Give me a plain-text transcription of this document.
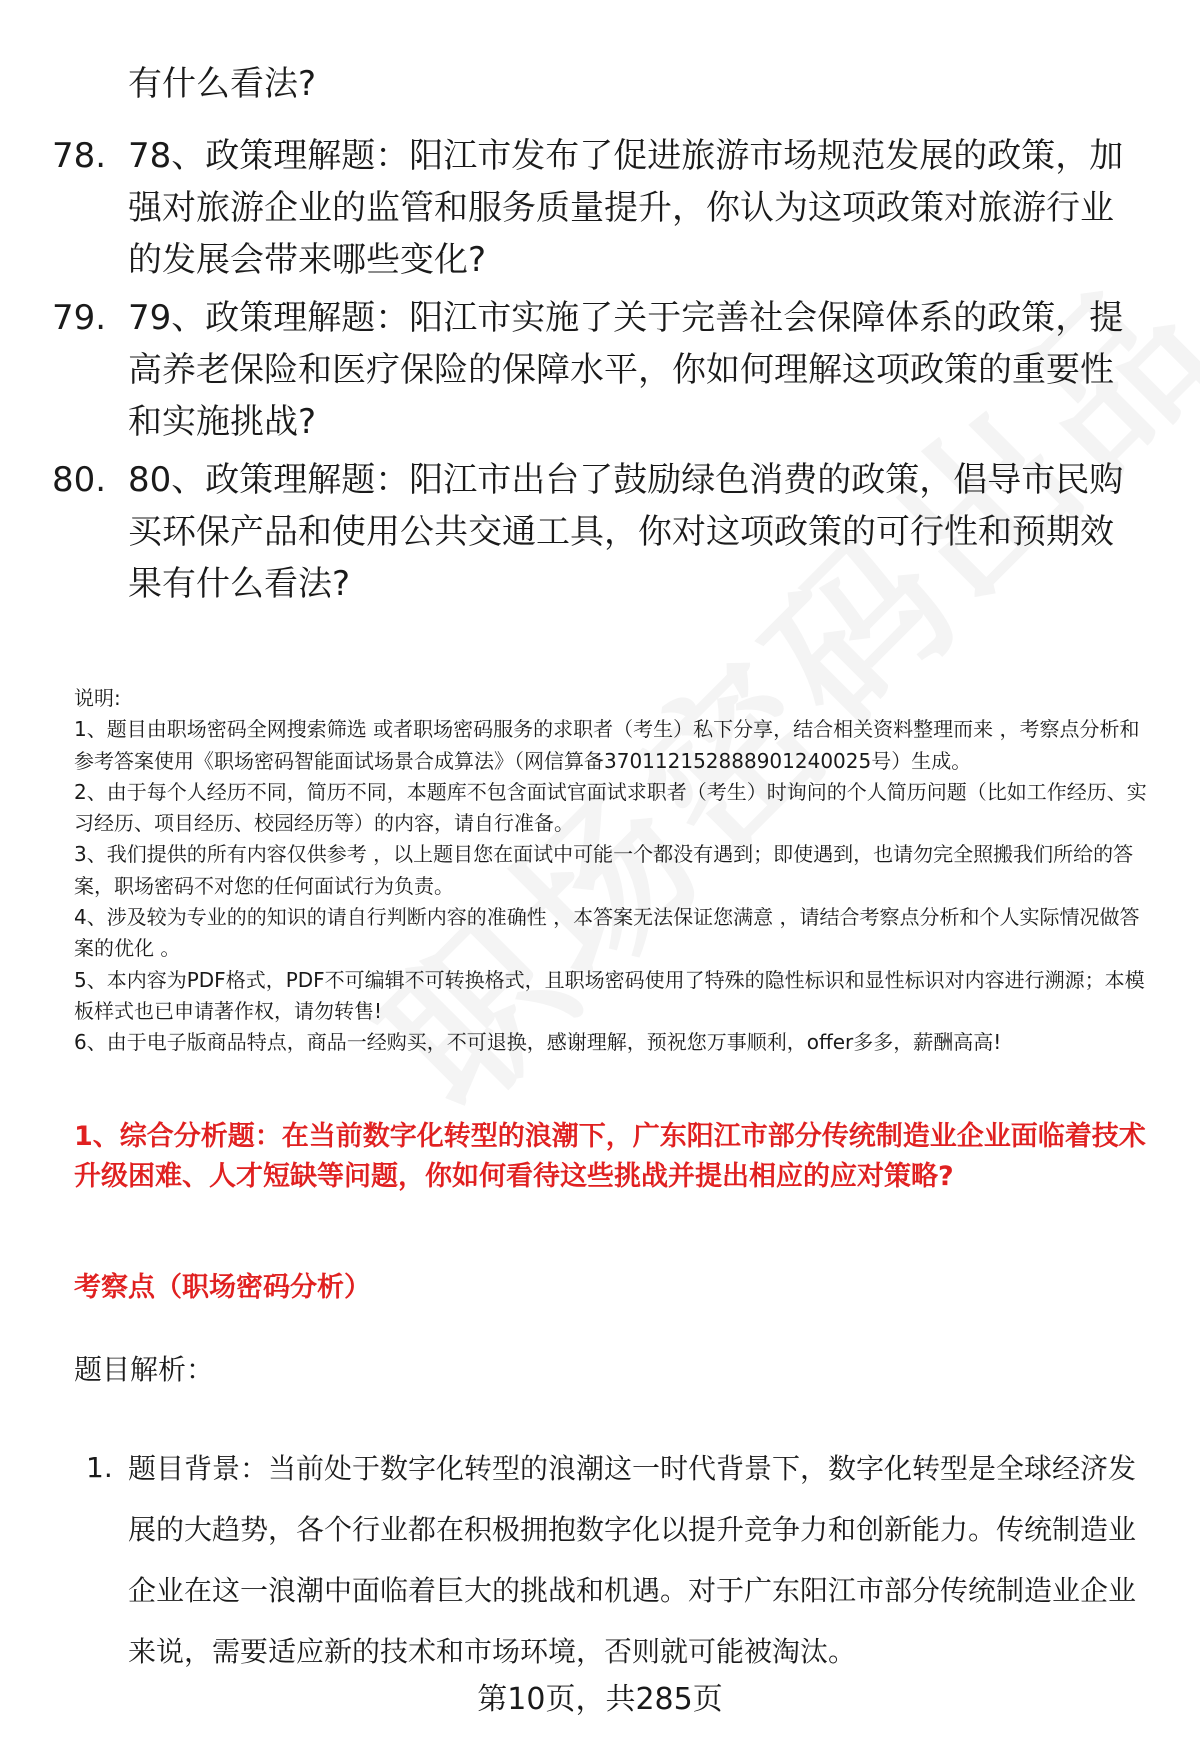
有什么看法?
78. 78、政策理解题：阳江市发布了促进旅游市场规范发展的政策，加强对旅游企业的监管和服务质量提升，你认为这项政策对旅游行业的发展会带来哪些变化?
79. 79、政策理解题：阳江市实施了关于完善社会保障体系的政策，提高养老保险和医疗保险的保障水平，你如何理解这项政策的重要性和实施挑战?
80. 80、政策理解题：阳江市出台了鼓励绿色消费的政策，倡导市民购买环保产品和使用公共交通工具，你对这项政策的可行性和预期效果有什么看法?
说明:
1、题目由职场密码全网搜索筛选 或者职场密码服务的求职者（考生）私下分享，结合相关资料整理而来 ，考察点分析和参考答案使用《职场密码智能面试场景合成算法》（网信算备370112152888901240025号）生成。
2、由于每个人经历不同，简历不同，本题库不包含面试官面试求职者（考生）时询问的个人简历问题（比如工作经历、实习经历、项目经历、校园经历等）的内容，请自行准备。
3、我们提供的所有内容仅供参考 ，以上题目您在面试中可能一个都没有遇到；即使遇到，也请勿完全照搬我们所给的答案，职场密码不对您的任何面试行为负责。
4、涉及较为专业的的知识的请自行判断内容的准确性 ，本答案无法保证您满意 ，请结合考察点分析和个人实际情况做答案的优化 。
5、本内容为PDF格式，PDF不可编辑不可转换格式，且职场密码使用了特殊的隐性标识和显性标识对内容进行溯源；本模板样式也已申请著作权，请勿转售!
6、由于电子版商品特点，商品一经购买，不可退换，感谢理解，预祝您万事顺利，offer多多，薪酬高高!
1、综合分析题：在当前数字化转型的浪潮下，广东阳江市部分传统制造业企业面临着技术升级困难、人才短缺等问题，你如何看待这些挑战并提出相应的应对策略?
考察点（职场密码分析）
题目解析：
1. 题目背景：当前处于数字化转型的浪潮这一时代背景下，数字化转型是全球经济发展的大趋势，各个行业都在积极拥抱数字化以提升竞争力和创新能力。传统制造业企业在这一浪潮中面临着巨大的挑战和机遇。对于广东阳江市部分传统制造业企业来说，需要适应新的技术和市场环境，否则就可能被淘汰。
第10页，共285页
